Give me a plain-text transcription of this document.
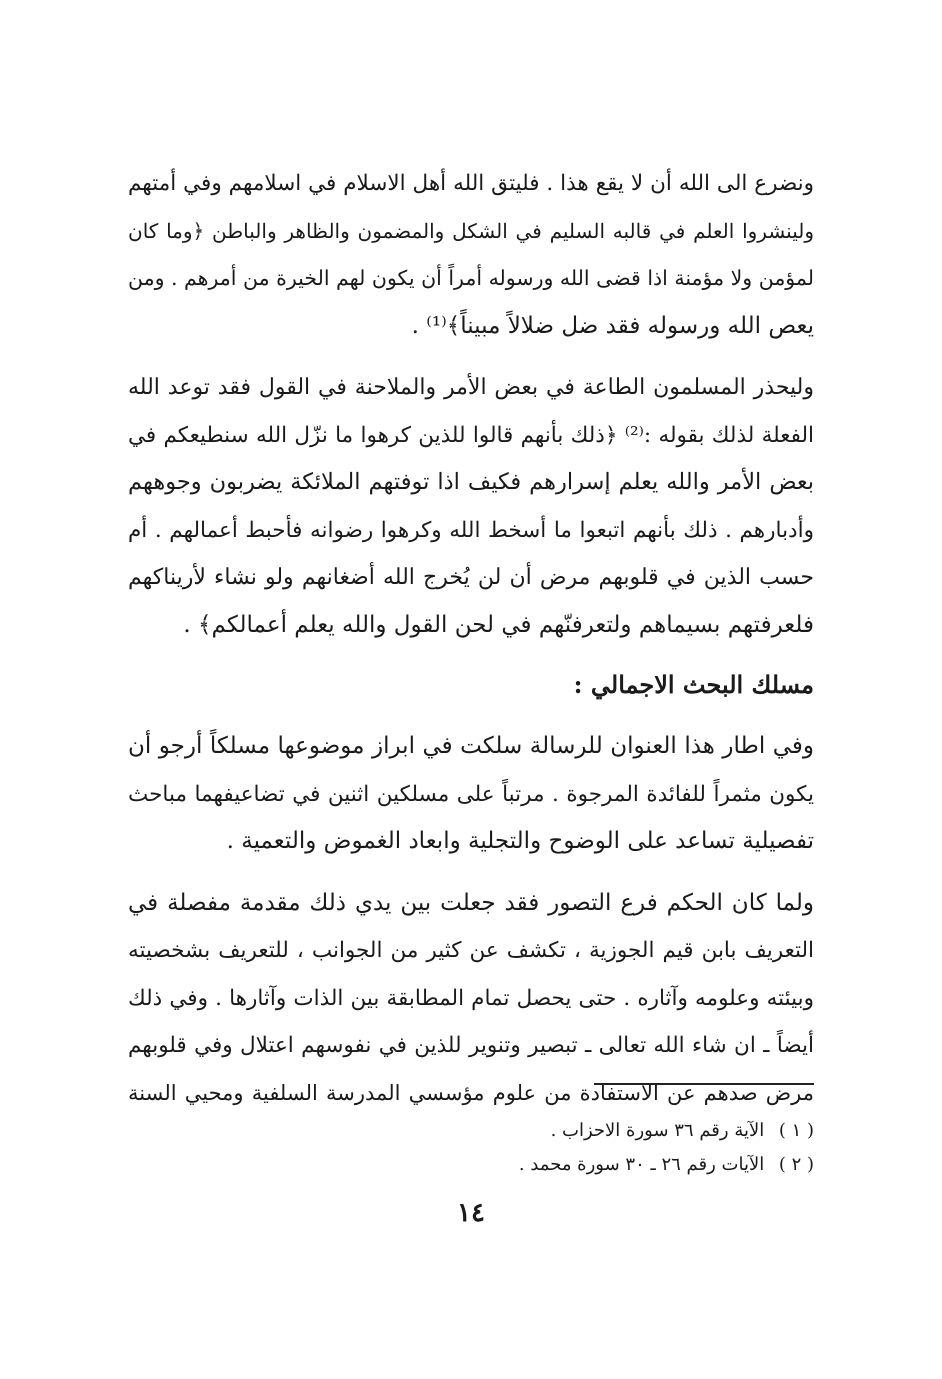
ونضرع الى الله أن لا يقع هذا . فليتق الله أهل الاسلام في اسلامهم وفي أمتهم
ولينشروا العلم في قالبه السليم في الشكل والمضمون والظاهر والباطن ﴿وما كان
لمؤمن ولا مؤمنة اذا قضى الله ورسوله أمراً أن يكون لهم الخيرة من أمرهم . ومن
يعص الله ورسوله فقد ضل ضلالاً مبيناً﴾⁽¹⁾ .
وليحذر المسلمون الطاعة في بعض الأمر والملاحنة في القول فقد توعد الله
الفعلة لذلك بقوله :⁽²⁾ ﴿ذلك بأنهم قالوا للذين كرهوا ما نزّل الله سنطيعكم في
بعض الأمر والله يعلم إسرارهم فكيف اذا توفتهم الملائكة يضربون وجوههم
وأدبارهم . ذلك بأنهم اتبعوا ما أسخط الله وكرهوا رضوانه فأحبط أعمالهم . أم
حسب الذين في قلوبهم مرض أن لن يُخرج الله أضغانهم ولو نشاء لأريناكهم
فلعرفتهم بسيماهم ولتعرفنّهم في لحن القول والله يعلم أعمالكم﴾ .
مسلك البحث الاجمالي :
وفي اطار هذا العنوان للرسالة سلكت في ابراز موضوعها مسلكاً أرجو أن
يكون مثمراً للفائدة المرجوة . مرتباً على مسلكين اثنين في تضاعيفهما مباحث
تفصيلية تساعد على الوضوح والتجلية وابعاد الغموض والتعمية .
ولما كان الحكم فرع التصور فقد جعلت بين يدي ذلك مقدمة مفصلة في
التعريف بابن قيم الجوزية ، تكشف عن كثير من الجوانب ، للتعريف بشخصيته
وبيئته وعلومه وآثاره . حتى يحصل تمام المطابقة بين الذات وآثارها . وفي ذلك
أيضاً ـ ان شاء الله تعالى ـ تبصير وتنوير للذين في نفوسهم اعتلال وفي قلوبهم
مرض صدهم عن الاستفادة من علوم مؤسسي المدرسة السلفية ومحيي السنة
( ١ ) الآية رقم ٣٦ سورة الاحزاب .
( ٢ ) الآيات رقم ٢٦ ـ ٣٠ سورة محمد .
١٤
